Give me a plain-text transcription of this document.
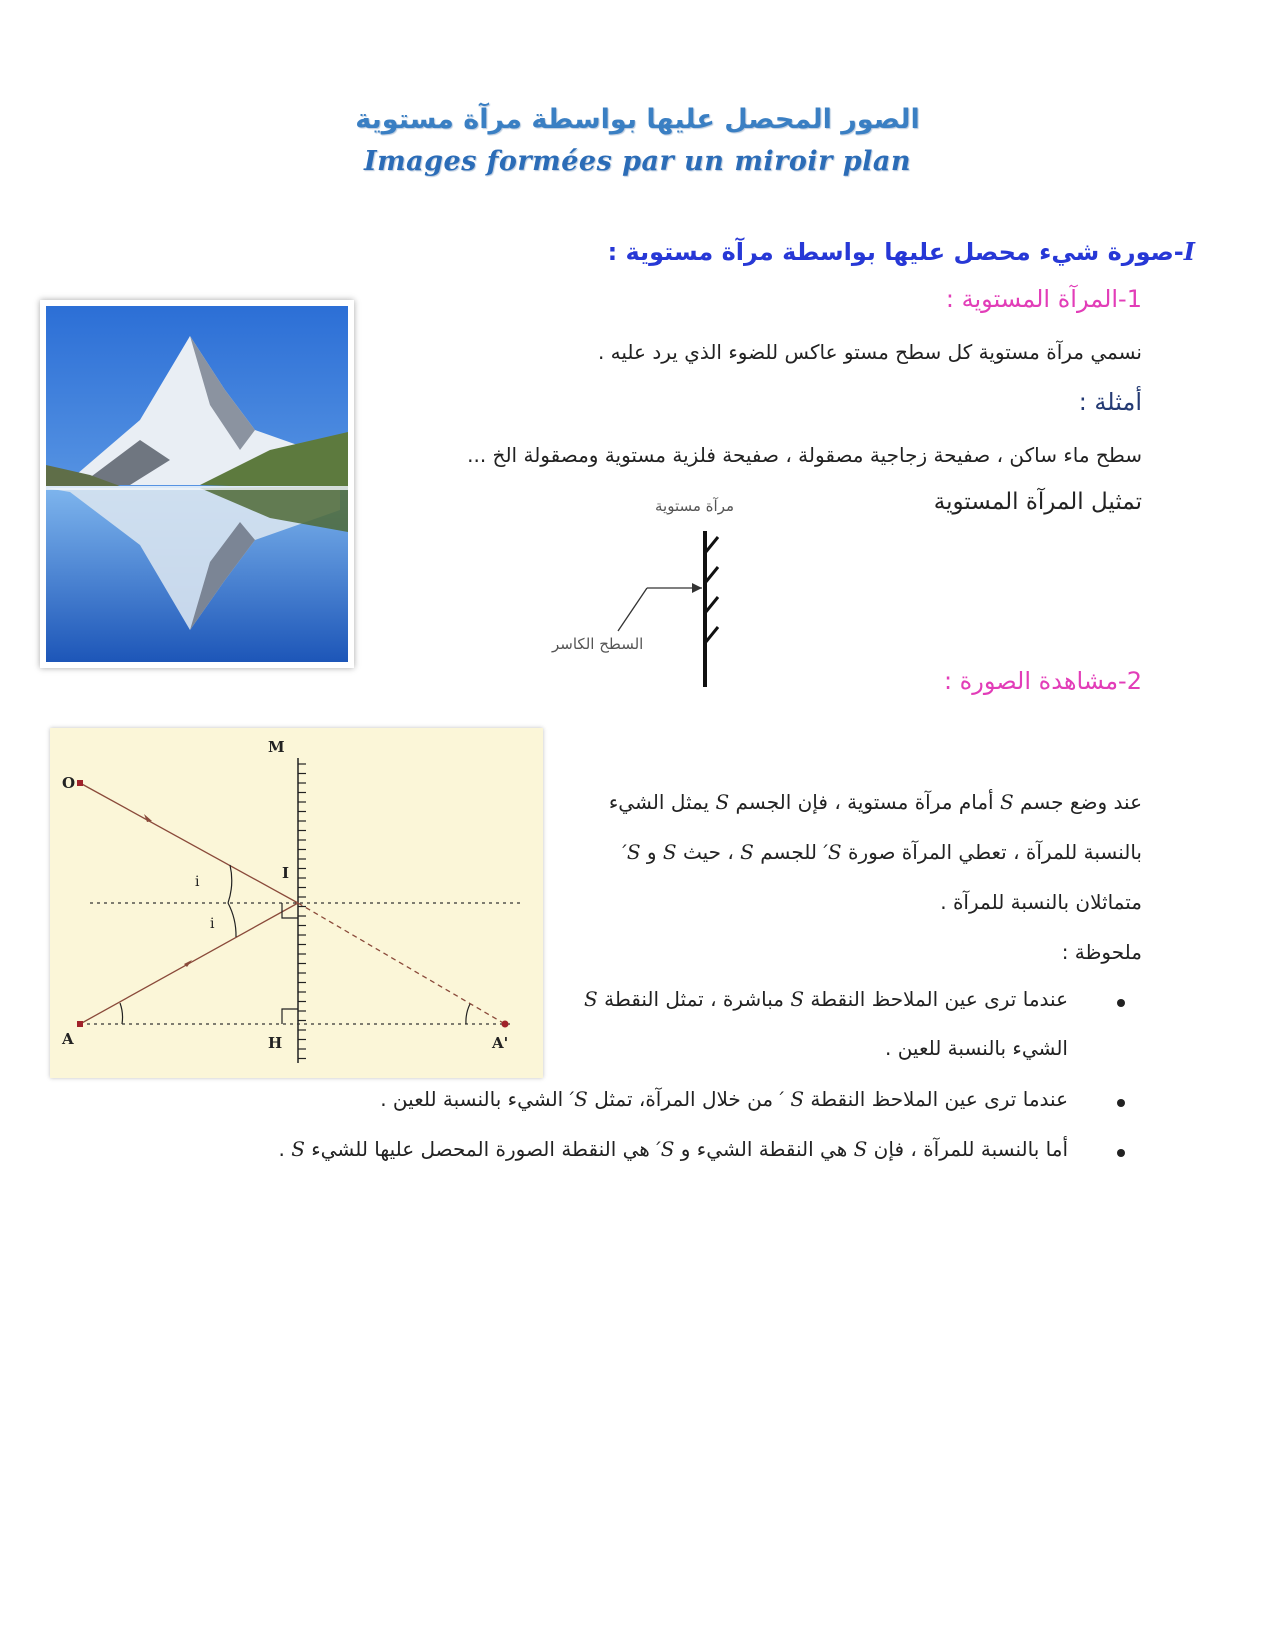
الصور المحصل عليها بواسطة مرآة مستوية
Images formées par un miroir plan
I-صورة شيء محصل عليها بواسطة مرآة مستوية :
1-المرآة المستوية :
نسمي مرآة مستوية كل سطح مستو عاكس للضوء الذي يرد عليه .
أمثلة :
سطح ماء ساكن ، صفيحة زجاجية مصقولة ، صفيحة فلزية مستوية ومصقولة الخ ...
تمثيل المرآة المستوية
مرآة مستوية
السطح الكاسر
2-مشاهدة الصورة :
عند وضع جسم S أمام مرآة مستوية ، فإن الجسم S يمثل الشيء
بالنسبة للمرآة ، تعطي المرآة صورة S′ للجسم S ، حيث S و S′
متماثلان بالنسبة للمرآة .
ملحوظة :
عندما ترى عين الملاحظ النقطة S مباشرة ، تمثل النقطة S
الشيء بالنسبة للعين .
عندما ترى عين الملاحظ النقطة S ′ من خلال المرآة، تمثل S′ الشيء بالنسبة للعين .
أما بالنسبة للمرآة ، فإن S هي النقطة الشيء و S′ هي النقطة الصورة المحصل عليها للشيء S .
M
O
I
i
i
H
A	A'
